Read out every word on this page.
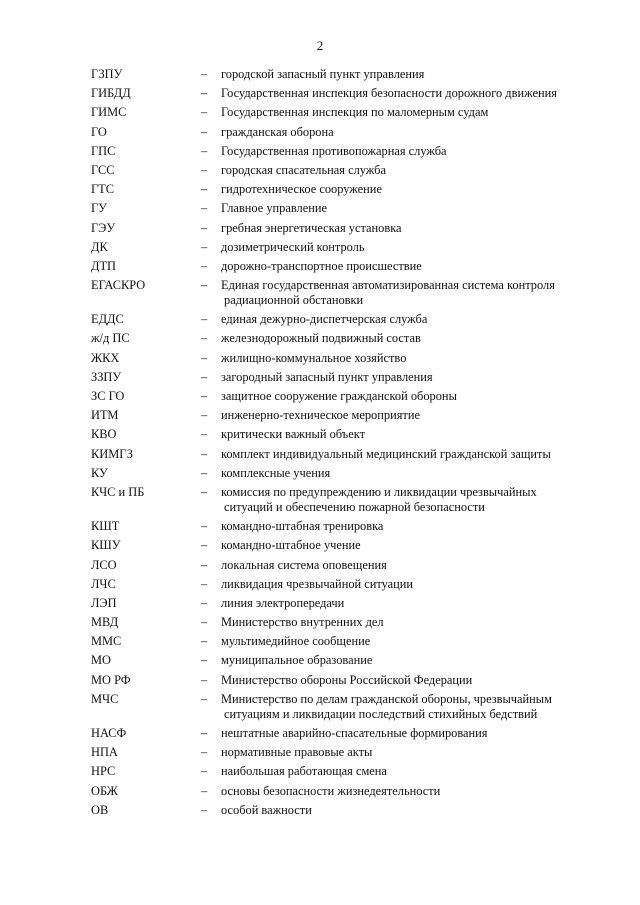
2
ГЗПУ	–	городской запасный пункт управления
ГИБДД	–	Государственная инспекция безопасности дорожного движения
ГИМС	–	Государственная инспекция по маломерным судам
ГО	–	гражданская оборона
ГПС	–	Государственная противопожарная служба
ГСС	–	городская спасательная служба
ГТС	–	гидротехническое сооружение
ГУ	–	Главное управление
ГЭУ	–	гребная энергетическая установка
ДК	–	дозиметрический контроль
ДТП	–	дорожно-транспортное происшествие
ЕГАСКРО	–	Единая государственная автоматизированная система контроля
радиационной обстановки
ЕДДС	–	единая дежурно-диспетчерская служба
ж/д ПС	–	железнодорожный подвижный состав
ЖКХ	–	жилищно-коммунальное хозяйство
ЗЗПУ	–	загородный запасный пункт управления
ЗС ГО	–	защитное сооружение гражданской обороны
ИТМ	–	инженерно-техническое мероприятие
КВО	–	критически важный объект
КИМГЗ	–	комплект индивидуальный медицинский гражданской защиты
КУ	–	комплексные учения
КЧС и ПБ	–	комиссия по предупреждению и ликвидации чрезвычайных
ситуаций и обеспечению пожарной безопасности
КШТ	–	командно-штабная тренировка
КШУ	–	командно-штабное учение
ЛСО	–	локальная система оповещения
ЛЧС	–	ликвидация чрезвычайной ситуации
ЛЭП	–	линия электропередачи
МВД	–	Министерство внутренних дел
ММС	–	мультимедийное сообщение
МО	–	муниципальное образование
МО РФ	–	Министерство обороны Российской Федерации
МЧС	–	Министерство по делам гражданской обороны, чрезвычайным
ситуациям и ликвидации последствий стихийных бедствий
НАСФ	–	нештатные аварийно-спасательные формирования
НПА	–	нормативные правовые акты
НРС	–	наибольшая работающая смена
ОБЖ	–	основы безопасности жизнедеятельности
ОВ	–	особой важности
